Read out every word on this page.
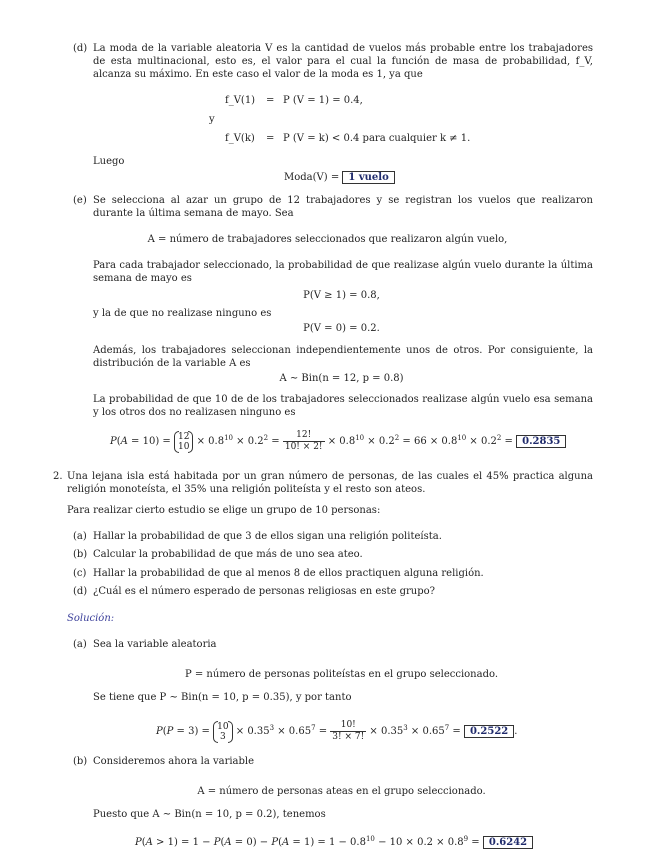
(d) La moda de la variable aleatoria V es la cantidad de vuelos más probable entre los trabajadores de esta multinacional, esto es, el valor para el cual la función de masa de probabilidad, f_V, alcanza su máximo. En este caso el valor de la moda es 1, ya que
f_V(1) = P (V = 1) = 0.4,
y
f_V(k) = P (V = k) < 0.4 para cualquier k ≠ 1.
Luego
Moda(V) = 1 vuelo
(e) Se selecciona al azar un grupo de 12 trabajadores y se registran los vuelos que realizaron durante la última semana de mayo. Sea
A = número de trabajadores seleccionados que realizaron algún vuelo,
Para cada trabajador seleccionado, la probabilidad de que realizase algún vuelo durante la última semana de mayo es
P(V ≥ 1) = 0.8,
y la de que no realizase ninguno es
P(V = 0) = 0.2.
Además, los trabajadores seleccionan independientemente unos de otros. Por consiguiente, la distribución de la variable A es
A ∼ Bin(n = 12, p = 0.8)
La probabilidad de que 10 de de los trabajadores seleccionados realizase algún vuelo esa semana y los otros dos no realizasen ninguno es
P(A = 10) = 12
$10 \times 0.8^{10} \times 0.2^2 = \frac{12!}{10! \times 2!} \times 0.8^{10} \times 0.2^2 = 66 \times 0.8^{10} \times 0.2^2 = 0.2835$
2. Una lejana isla está habitada por un gran número de personas, de las cuales el 45% practica alguna religión monoteísta, el 35% una religión politeísta y el resto son ateos.
Para realizar cierto estudio se elige un grupo de 10 personas:
(a) Hallar la probabilidad de que 3 de ellos sigan una religión politeísta.
(b) Calcular la probabilidad de que más de uno sea ateo.
(c) Hallar la probabilidad de que al menos 8 de ellos practiquen alguna religión.
(d) ¿Cuál es el número esperado de personas religiosas en este grupo?
Solución:
(a) Sea la variable aleatoria
P = número de personas politeístas en el grupo seleccionado.
Se tiene que P ∼ Bin(n = 10, p = 0.35), y por tanto
P(P = 3) = 10
$3 \times 0.35^3 \times 0.65^7 = \frac{10!}{3! \times 7!} \times 0.35^3 \times 0.65^7 = 0.2522$ .
(b) Consideremos ahora la variable
A = número de personas ateas en el grupo seleccionado.
Puesto que A ∼ Bin(n = 10, p = 0.2), tenemos
$P(A > 1) = 1 - P(A = 0) - P(A = 1) = 1 - 0.8^{10} - 10 \times 0.2 \times 0.8^9 = 0.6242$
